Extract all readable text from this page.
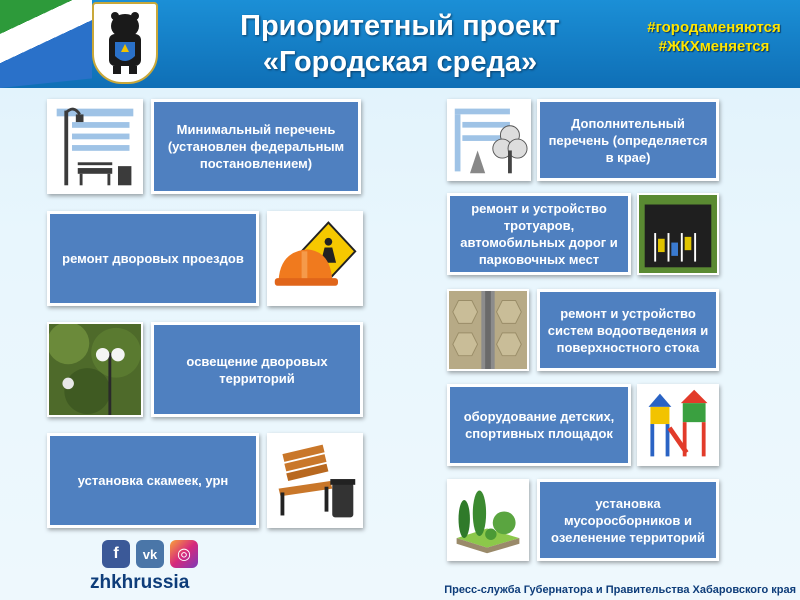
Приоритетный проект
«Городская среда»
#городаменяются
#ЖКХменяется
Минимальный перечень (установлен федеральным постановлением)
ремонт дворовых проездов
освещение дворовых территорий
установка скамеек, урн
Дополнительный перечень (определяется в крае)
ремонт и устройство тротуаров, автомобильных дорог и парковочных мест
ремонт и устройство систем водоотведения и поверхностного стока
оборудование детских, спортивных площадок
установка мусоросборников и озеленение территорий
f	vk	◎
zhkhrussia	Пресс-служба Губернатора и Правительства Хабаровского края
